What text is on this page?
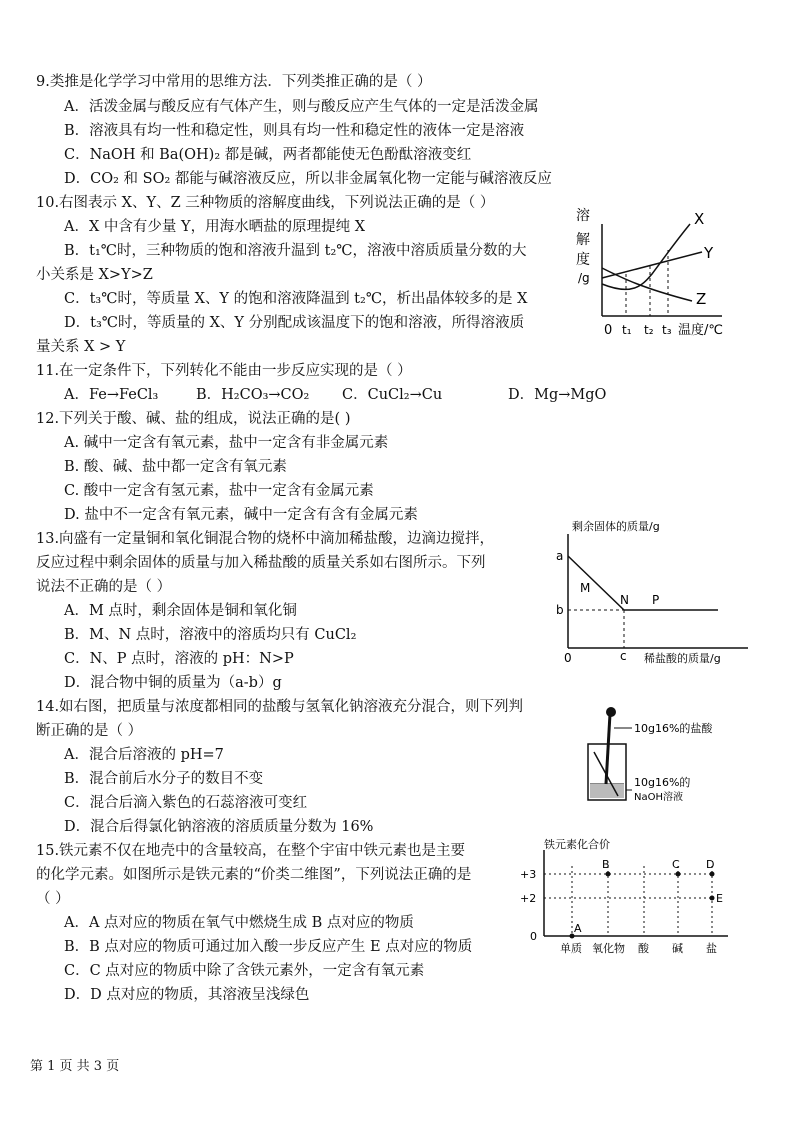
9.类推是化学学习中常用的思维方法．下列类推正确的是（ ）
A．活泼金属与酸反应有气体产生，则与酸反应产生气体的一定是活泼金属
B．溶液具有均一性和稳定性，则具有均一性和稳定性的液体一定是溶液
C．NaOH 和 Ba(OH)₂ 都是碱，两者都能使无色酚酞溶液变红
D．CO₂ 和 SO₂ 都能与碱溶液反应，所以非金属氧化物一定能与碱溶液反应
10.右图表示 X、Y、Z 三种物质的溶解度曲线，下列说法正确的是（ ）
A．X 中含有少量 Y，用海水晒盐的原理提纯 X
B．t₁℃时，三种物质的饱和溶液升温到 t₂℃，溶液中溶质质量分数的大
小关系是 X>Y>Z
C．t₃℃时，等质量 X、Y 的饱和溶液降温到 t₂℃，析出晶体较多的是 X
D．t₃℃时，等质量的 X、Y 分别配成该温度下的饱和溶液，所得溶液质
量关系 X > Y
溶
解
度
/g
X
Y
Z
0 t₁ t₂ t₃ 温度/℃
11.在一定条件下，下列转化不能由一步反应实现的是（ ）
A．Fe→FeCl₃	B．H₂CO₃→CO₂ C．CuCl₂→Cu	D．Mg→MgO
12.下列关于酸、碱、盐的组成，说法正确的是( )
A. 碱中一定含有氧元素，盐中一定含有非金属元素
B. 酸、碱、盐中都一定含有氧元素
C. 酸中一定含有氢元素，盐中一定含有金属元素
D. 盐中不一定含有氧元素，碱中一定含有含有金属元素
13.向盛有一定量铜和氧化铜混合物的烧杯中滴加稀盐酸，边滴边搅拌，
反应过程中剩余固体的质量与加入稀盐酸的质量关系如右图所示。下列
说法不正确的是（ ）
A．M 点时，剩余固体是铜和氧化铜
B．M、N 点时，溶液中的溶质均只有 CuCl₂
C．N、P 点时，溶液的 pH：N>P
D．混合物中铜的质量为（a-b）g
剩余固体的质量/g
a
b
c
0
M
N P
稀盐酸的质量/g
14.如右图，把质量与浓度都相同的盐酸与氢氧化钠溶液充分混合，则下列判
断正确的是（ ）
A．混合后溶液的 pH=7
B．混合前后水分子的数目不变
C．混合后滴入紫色的石蕊溶液可变红
D．混合后得氯化钠溶液的溶质质量分数为 16%
10g16%的盐酸
10g16%的
NaOH溶液
15.铁元素不仅在地壳中的含量较高，在整个宇宙中铁元素也是主要
的化学元素。如图所示是铁元素的“价类二维图”，下列说法正确的是
（ ）
A．A 点对应的物质在氧气中燃烧生成 B 点对应的物质
B．B 点对应的物质可通过加入酸一步反应产生 E 点对应的物质
C．C 点对应的物质中除了含铁元素外，一定含有氧元素
D．D 点对应的物质，其溶液呈浅绿色
铁元素化合价
+3
+2
0
A
B	C D
E
单质 氧化物 酸 碱 盐
第 1 页 共 3 页
